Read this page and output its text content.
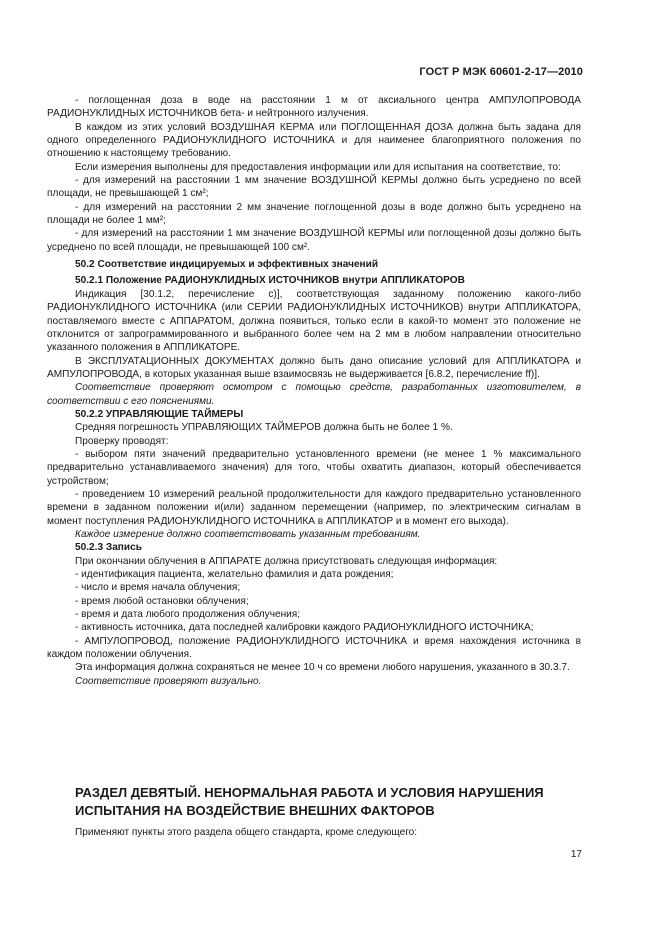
ГОСТ Р МЭК 60601-2-17—2010

- поглощенная доза в воде на расстоянии 1 м от аксиального центра АМПУЛОПРОВОДА РАДИОНУКЛИДНЫХ ИСТОЧНИКОВ бета- и нейтронного излучения.

В каждом из этих условий ВОЗДУШНАЯ КЕРМА или ПОГЛОЩЕННАЯ ДОЗА должна быть задана для одного определенного РАДИОНУКЛИДНОГО ИСТОЧНИКА и для наименее благоприятного положения по отношению к настоящему требованию.

Если измерения выполнены для предоставления информации или для испытания на соответствие, то:

- для измерений на расстоянии 1 мм значение ВОЗДУШНОЙ КЕРМЫ должно быть усреднено по всей площади, не превышающей 1 см²;

- для измерений на расстоянии 2 мм значение поглощенной дозы в воде должно быть усреднено на площади не более 1 мм²;

- для измерений на расстоянии 1 мм значение ВОЗДУШНОЙ КЕРМЫ или поглощенной дозы должно быть усреднено по всей площади, не превышающей 100 см².

50.2 Соответствие индицируемых и эффективных значений

50.2.1 Положение РАДИОНУКЛИДНЫХ ИСТОЧНИКОВ внутри АППЛИКАТОРОВ

Индикация [30.1.2, перечисление с)], соответствующая заданному положению какого-либо РАДИОНУКЛИДНОГО ИСТОЧНИКА (или СЕРИИ РАДИОНУКЛИДНЫХ ИСТОЧНИКОВ) внутри АППЛИКАТОРА, поставляемого вместе с АППАРАТОМ, должна появиться, только если в какой-то момент это положение не отклонится от запрограммированного и выбранного более чем на 2 мм в любом направлении относительно указанного положения в АППЛИКАТОРЕ.

В ЭКСПЛУАТАЦИОННЫХ ДОКУМЕНТАХ должно быть дано описание условий для АППЛИКАТОРА и АМПУЛОПРОВОДА, в которых указанная выше взаимосвязь не выдерживается [6.8.2, перечисление ff)].

Соответствие проверяют осмотром с помощью средств, разработанных изготовителем, в соответствии с его пояснениями.

50.2.2 УПРАВЛЯЮЩИЕ ТАЙМЕРЫ

Средняя погрешность УПРАВЛЯЮЩИХ ТАЙМЕРОВ должна быть не более 1 %.

Проверку проводят:

- выбором пяти значений предварительно установленного времени (не менее 1 % максимального предварительно устанавливаемого значения) для того, чтобы охватить диапазон, который обеспечивается устройством;

- проведением 10 измерений реальной продолжительности для каждого предварительно установленного времени в заданном положении и(или) заданном перемещении (например, по электрическим сигналам в момент поступления РАДИОНУКЛИДНОГО ИСТОЧНИКА в АППЛИКАТОР и в момент его выхода).

Каждое измерение должно соответствовать указанным требованиям.

50.2.3 Запись

При окончании облучения в АППАРАТЕ должна присутствовать следующая информация:

- идентификация пациента, желательно фамилия и дата рождения;

- число и время начала облучения;

- время любой остановки облучения;

- время и дата любого продолжения облучения;

- активность источника, дата последней калибровки каждого РАДИОНУКЛИДНОГО ИСТОЧНИКА;

- АМПУЛОПРОВОД, положение РАДИОНУКЛИДНОГО ИСТОЧНИКА и время нахождения источника в каждом положении облучения.

Эта информация должна сохраняться не менее 10 ч со времени любого нарушения, указанного в 30.3.7.

Соответствие проверяют визуально.

РАЗДЕЛ ДЕВЯТЫЙ. НЕНОРМАЛЬНАЯ РАБОТА И УСЛОВИЯ НАРУШЕНИЯ ИСПЫТАНИЯ НА ВОЗДЕЙСТВИЕ ВНЕШНИХ ФАКТОРОВ
Применяют пункты этого раздела общего стандарта, кроме следующего:
17
